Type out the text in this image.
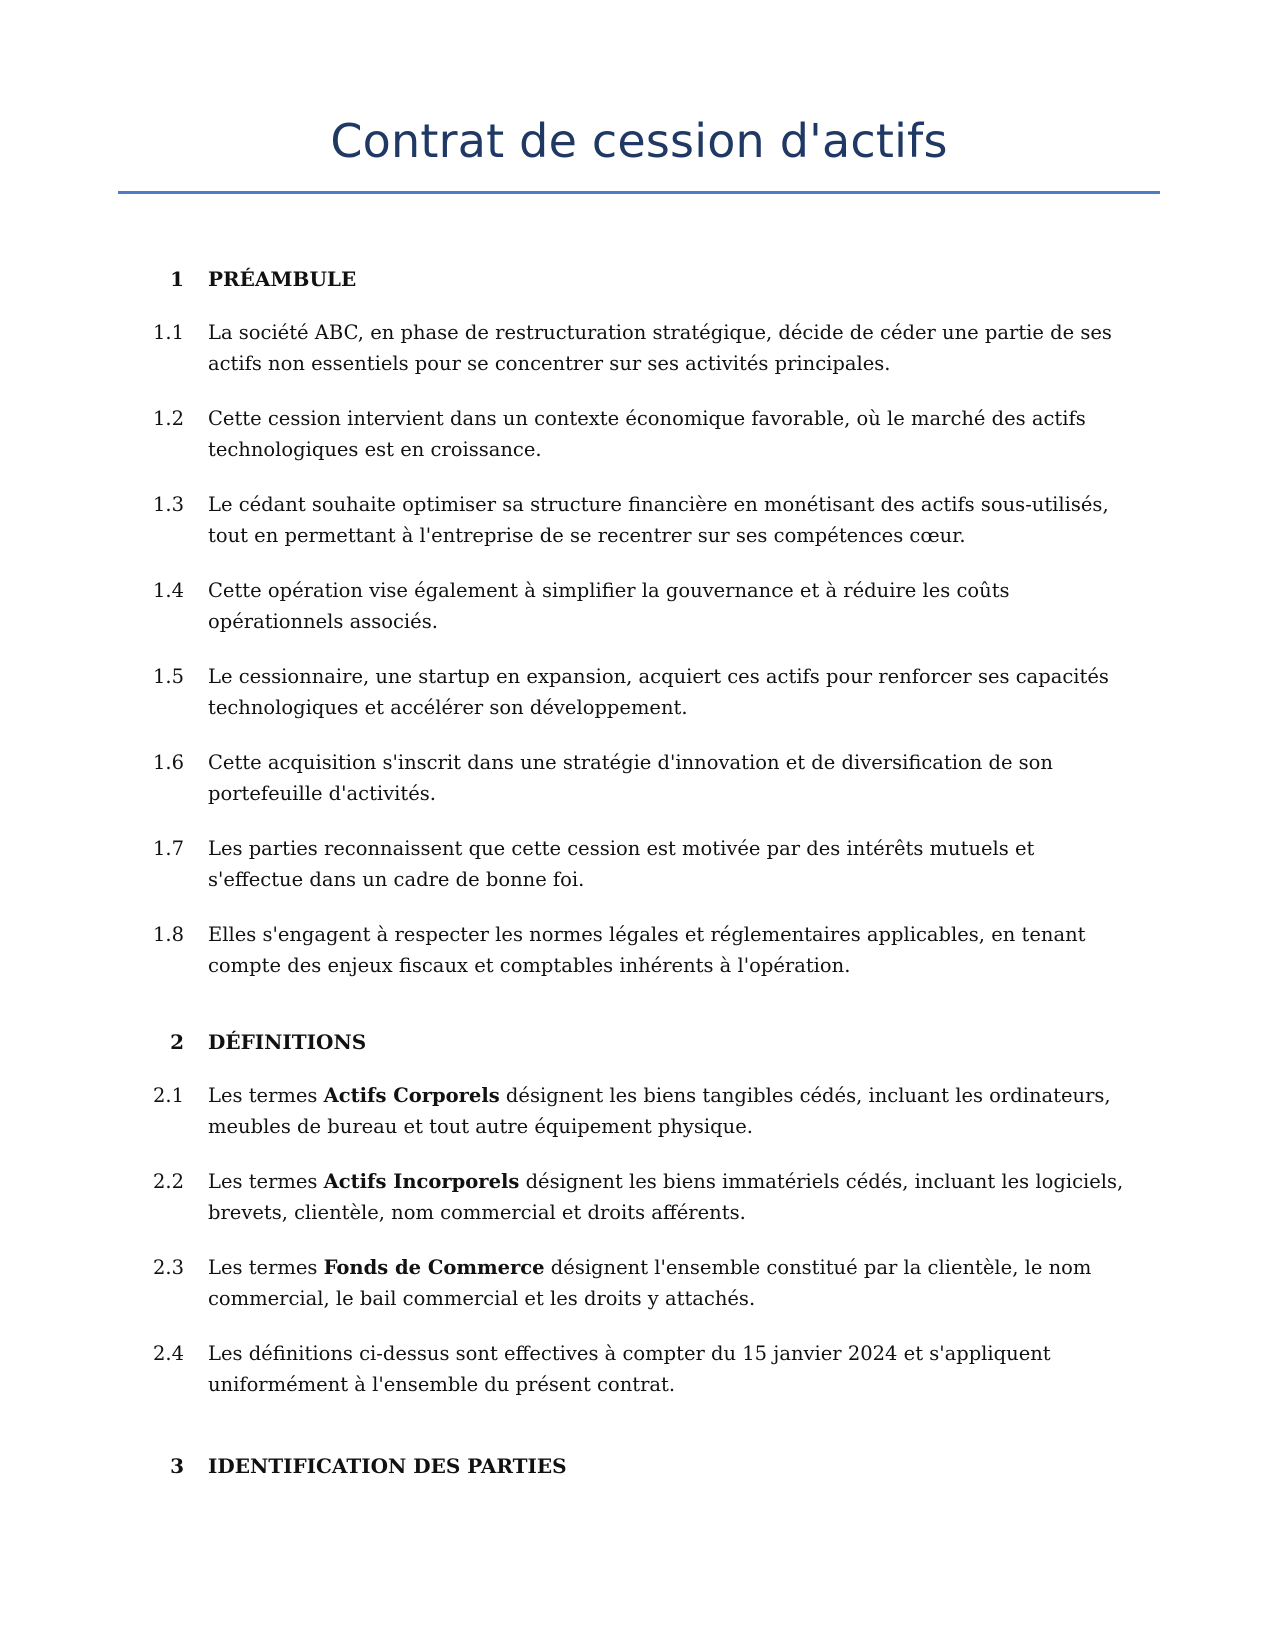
Contrat de cession d'actifs
1 PRÉAMBULE
1.1 La société ABC, en phase de restructuration stratégique, décide de céder une partie de ses actifs non essentiels pour se concentrer sur ses activités principales.
1.2 Cette cession intervient dans un contexte économique favorable, où le marché des actifs technologiques est en croissance.
1.3 Le cédant souhaite optimiser sa structure financière en monétisant des actifs sous-utilisés, tout en permettant à l'entreprise de se recentrer sur ses compétences cœur.
1.4 Cette opération vise également à simplifier la gouvernance et à réduire les coûts opérationnels associés.
1.5 Le cessionnaire, une startup en expansion, acquiert ces actifs pour renforcer ses capacités technologiques et accélérer son développement.
1.6 Cette acquisition s'inscrit dans une stratégie d'innovation et de diversification de son portefeuille d'activités.
1.7 Les parties reconnaissent que cette cession est motivée par des intérêts mutuels et s'effectue dans un cadre de bonne foi.
1.8 Elles s'engagent à respecter les normes légales et réglementaires applicables, en tenant compte des enjeux fiscaux et comptables inhérents à l'opération.
2 DÉFINITIONS
2.1 Les termes Actifs Corporels désignent les biens tangibles cédés, incluant les ordinateurs, meubles de bureau et tout autre équipement physique.
2.2 Les termes Actifs Incorporels désignent les biens immatériels cédés, incluant les logiciels, brevets, clientèle, nom commercial et droits afférents.
2.3 Les termes Fonds de Commerce désignent l'ensemble constitué par la clientèle, le nom commercial, le bail commercial et les droits y attachés.
2.4 Les définitions ci-dessus sont effectives à compter du 15 janvier 2024 et s'appliquent uniformément à l'ensemble du présent contrat.
3 IDENTIFICATION DES PARTIES
